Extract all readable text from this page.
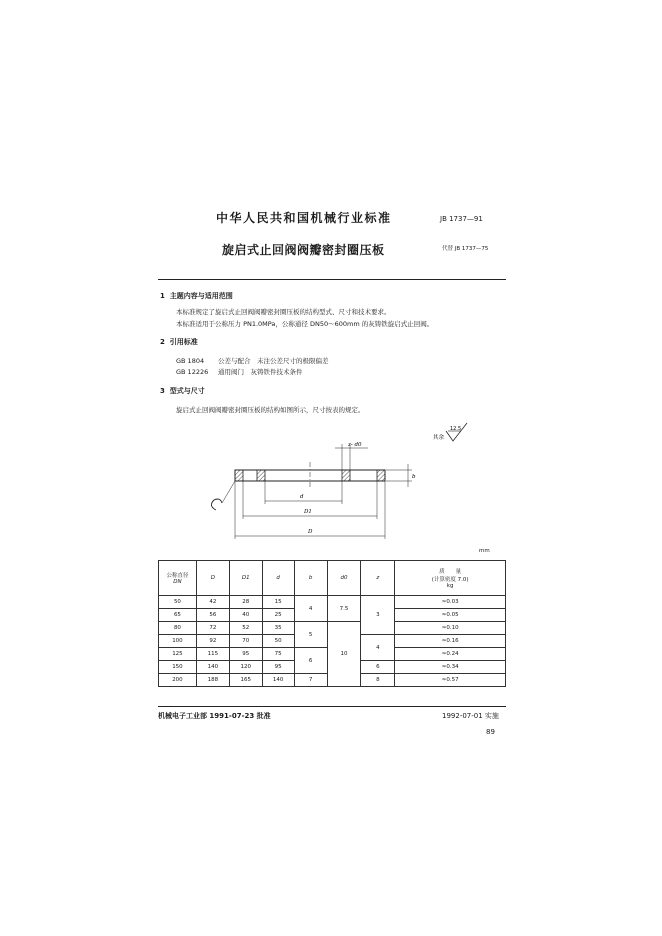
中华人民共和国机械行业标准	JB 1737—91
旋启式止回阀阀瓣密封圈压板	代替 JB 1737—75
1 主题内容与适用范围
本标准规定了旋启式止回阀阀瓣密封圈压板的结构型式、尺寸和技术要求。
本标准适用于公称压力 PN1.0MPa，公称通径 DN50～600mm 的灰铸铁旋启式止回阀。
2 引用标准
GB 1804 公差与配合　未注公差尺寸的极限偏差
GB 12226 通用阀门　灰铸铁件技术条件
3 型式与尺寸
旋启式止回阀阀瓣密封圈压板的结构如图所示，尺寸按表的规定。
其余
12.5
z- d0
b
d
D1
D
mm
公称直径
DN	D	D1	d	b	d0	z	质　　量
(计算密度 7.0)
kg
50	42	28	15	4	7.5	3	≈0.03
65	56	40	25				≈0.05
80	72	52	35	5	10		≈0.10
100	92	70	50			4	≈0.16
125	115	95	75	6			≈0.24
150	140	120	95			6	≈0.34
200	188	165	140	7		8	≈0.57
机械电子工业部 1991-07-23 批准	1992-07-01 实施
89
